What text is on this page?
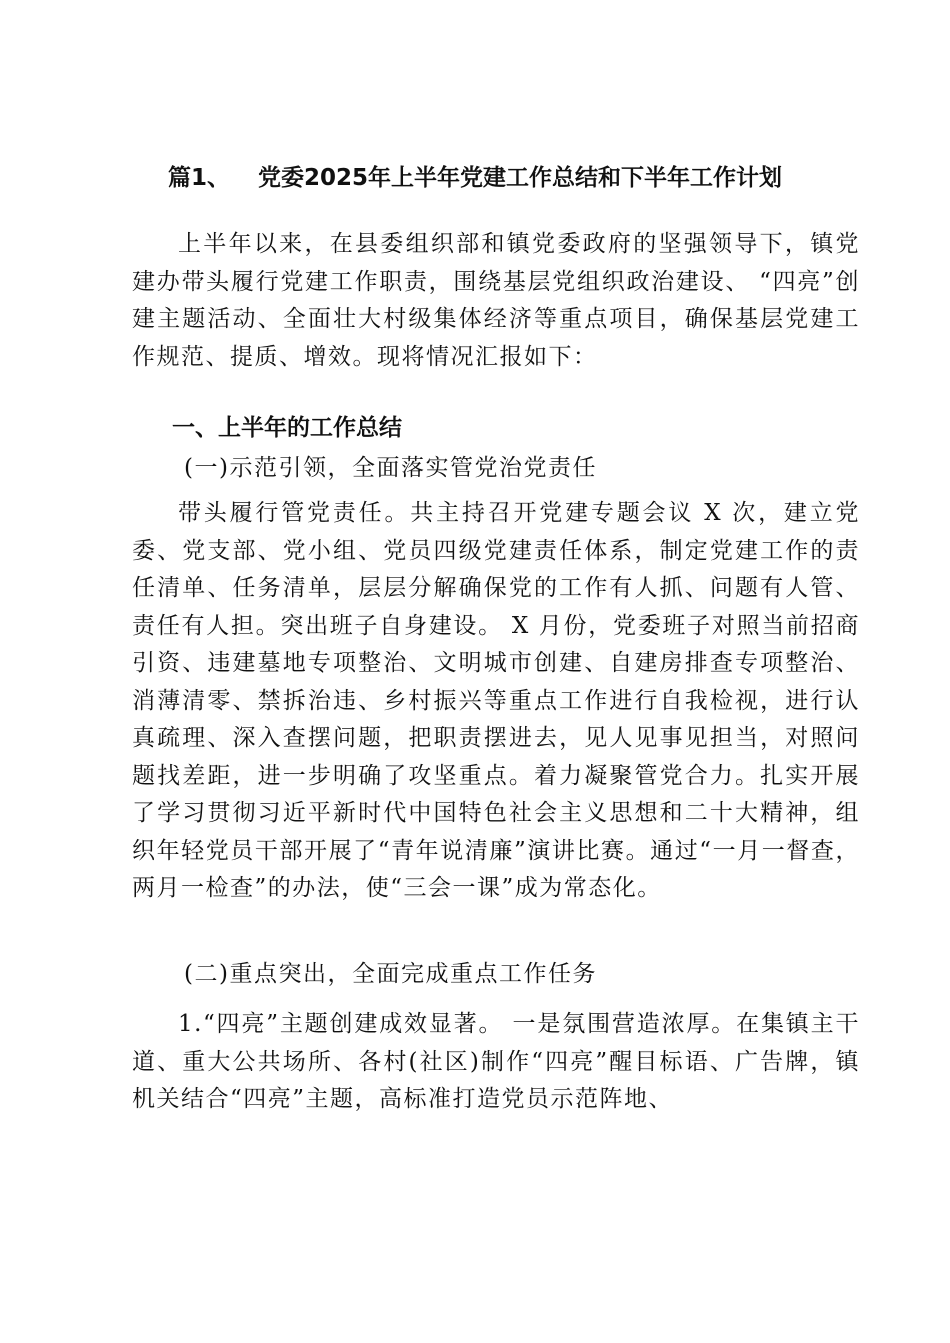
篇1、 党委2025年上半年党建工作总结和下半年工作计划

上半年以来，在县委组织部和镇党委政府的坚强领导下，镇党建办带头履行党建工作职责，围绕基层党组织政治建设、 “四亮”创建主题活动、全面壮大村级集体经济等重点项目，确保基层党建工作规范、提质、增效。现将情况汇报如下：

一、上半年的工作总结
(一)示范引领，全面落实管党治党责任

带头履行管党责任。共主持召开党建专题会议 X 次，建立党委、党支部、党小组、党员四级党建责任体系，制定党建工作的责任清单、任务清单，层层分解确保党的工作有人抓、问题有人管、责任有人担。突出班子自身建设。 X 月份，党委班子对照当前招商引资、违建墓地专项整治、文明城市创建、自建房排查专项整治、消薄清零、禁拆治违、乡村振兴等重点工作进行自我检视，进行认真疏理、深入查摆问题，把职责摆进去，见人见事见担当，对照问题找差距，进一步明确了攻坚重点。着力凝聚管党合力。扎实开展了学习贯彻习近平新时代中国特色社会主义思想和二十大精神，组织年轻党员干部开展了“青年说清廉”演讲比赛。通过“一月一督查，两月一检查”的办法，使“三会一课”成为常态化。

(二)重点突出，全面完成重点工作任务

1.“四亮”主题创建成效显著。 一是氛围营造浓厚。在集镇主干道、重大公共场所、各村(社区)制作“四亮”醒目标语、广告牌，镇机关结合“四亮”主题，高标准打造党员示范阵地、
